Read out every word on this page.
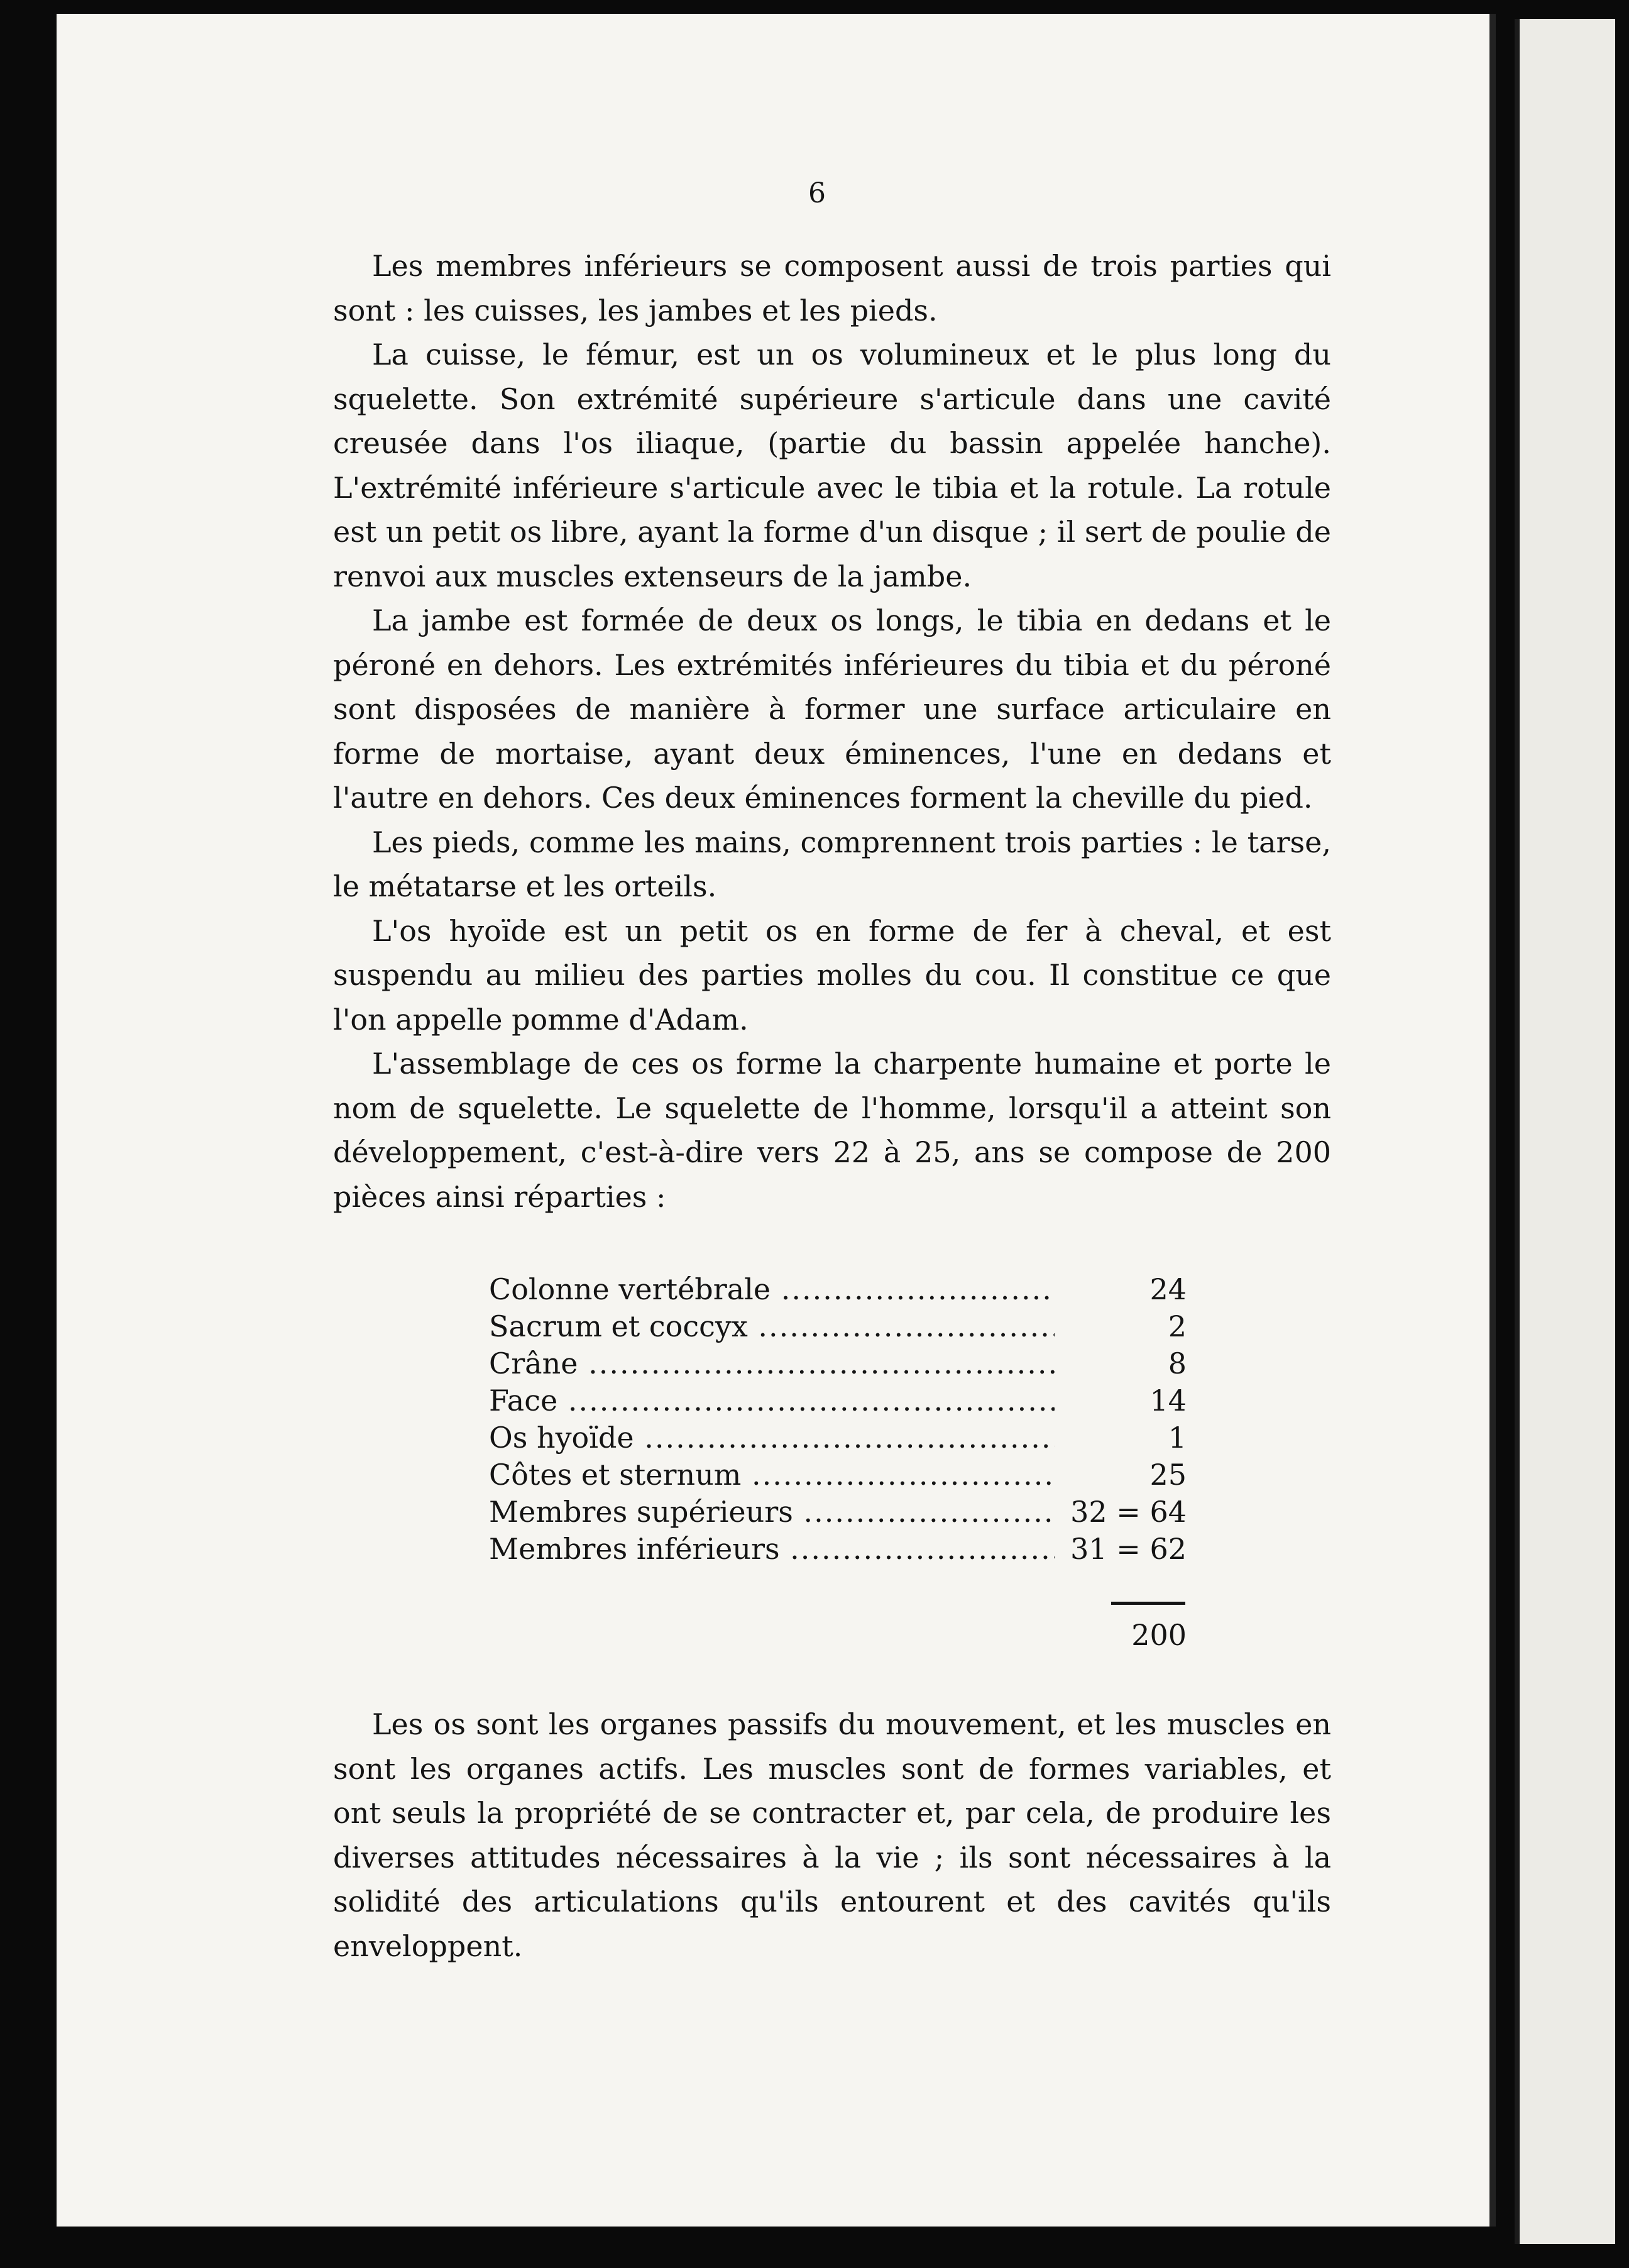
6

Les membres inférieurs se composent aussi de trois parties qui sont : les cuisses, les jambes et les pieds.

La cuisse, le fémur, est un os volumineux et le plus long du squelette. Son extrémité supérieure s'articule dans une cavité creusée dans l'os iliaque, (partie du bassin appelée hanche). L'extrémité inférieure s'articule avec le tibia et la rotule. La rotule est un petit os libre, ayant la forme d'un disque ; il sert de poulie de renvoi aux muscles extenseurs de la jambe.

La jambe est formée de deux os longs, le tibia en dedans et le péroné en dehors. Les extrémités inférieures du tibia et du péroné sont disposées de manière à former une surface articulaire en forme de mortaise, ayant deux éminences, l'une en dedans et l'autre en dehors. Ces deux éminences forment la cheville du pied.

Les pieds, comme les mains, comprennent trois parties : le tarse, le métatarse et les orteils.

L'os hyoïde est un petit os en forme de fer à cheval, et est suspendu au milieu des parties molles du cou. Il constitue ce que l'on appelle pomme d'Adam.

L'assemblage de ces os forme la charpente humaine et porte le nom de squelette. Le squelette de l'homme, lorsqu'il a atteint son développement, c'est-à-dire vers 22 à 25, ans se compose de 200 pièces ainsi réparties :

Colonne vertébrale .....	24
Sacrum et coccyx .....	2
Crâne .....	8
Face .....	14
Os hyoïde .....	1
Côtes et sternum .....	25
Membres supérieurs .....	32 = 64
Membres inférieurs .....	31 = 62
200

Les os sont les organes passifs du mouvement, et les muscles en sont les organes actifs. Les muscles sont de formes variables, et ont seuls la propriété de se contracter et, par cela, de produire les diverses attitudes nécessaires à la vie ; ils sont nécessaires à la solidité des articulations qu'ils entourent et des cavités qu'ils enveloppent.
